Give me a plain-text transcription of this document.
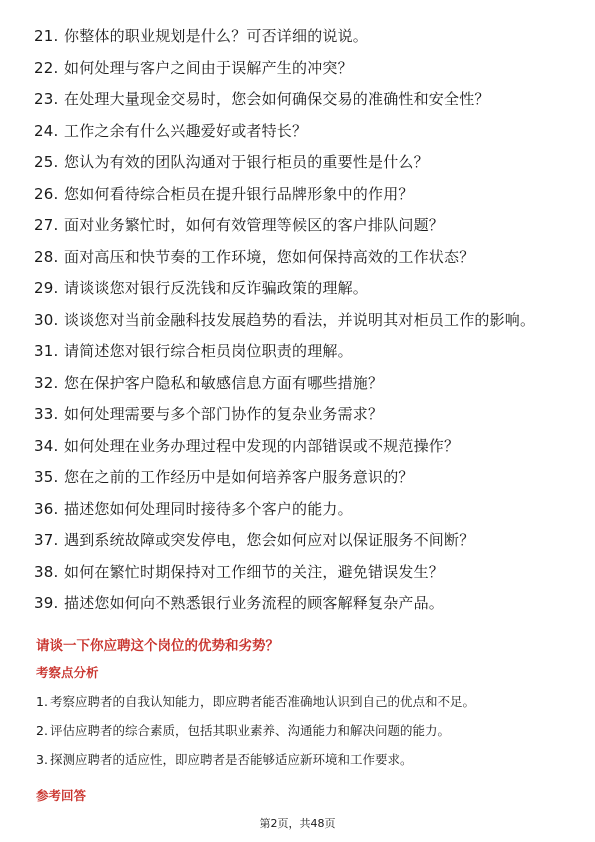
21. 你整体的职业规划是什么？可否详细的说说。
22. 如何处理与客户之间由于误解产生的冲突？
23. 在处理大量现金交易时，您会如何确保交易的准确性和安全性？
24. 工作之余有什么兴趣爱好或者特长？
25. 您认为有效的团队沟通对于银行柜员的重要性是什么？
26. 您如何看待综合柜员在提升银行品牌形象中的作用？
27. 面对业务繁忙时，如何有效管理等候区的客户排队问题？
28. 面对高压和快节奏的工作环境，您如何保持高效的工作状态？
29. 请谈谈您对银行反洗钱和反诈骗政策的理解。
30. 谈谈您对当前金融科技发展趋势的看法，并说明其对柜员工作的影响。
31. 请简述您对银行综合柜员岗位职责的理解。
32. 您在保护客户隐私和敏感信息方面有哪些措施？
33. 如何处理需要与多个部门协作的复杂业务需求？
34. 如何处理在业务办理过程中发现的内部错误或不规范操作？
35. 您在之前的工作经历中是如何培养客户服务意识的？
36. 描述您如何处理同时接待多个客户的能力。
37. 遇到系统故障或突发停电，您会如何应对以保证服务不间断？
38. 如何在繁忙时期保持对工作细节的关注，避免错误发生？
39. 描述您如何向不熟悉银行业务流程的顾客解释复杂产品。
请谈一下你应聘这个岗位的优势和劣势？
考察点分析
1. 考察应聘者的自我认知能力，即应聘者能否准确地认识到自己的优点和不足。
2. 评估应聘者的综合素质，包括其职业素养、沟通能力和解决问题的能力。
3. 探测应聘者的适应性，即应聘者是否能够适应新环境和工作要求。
参考回答
第2页，共48页
